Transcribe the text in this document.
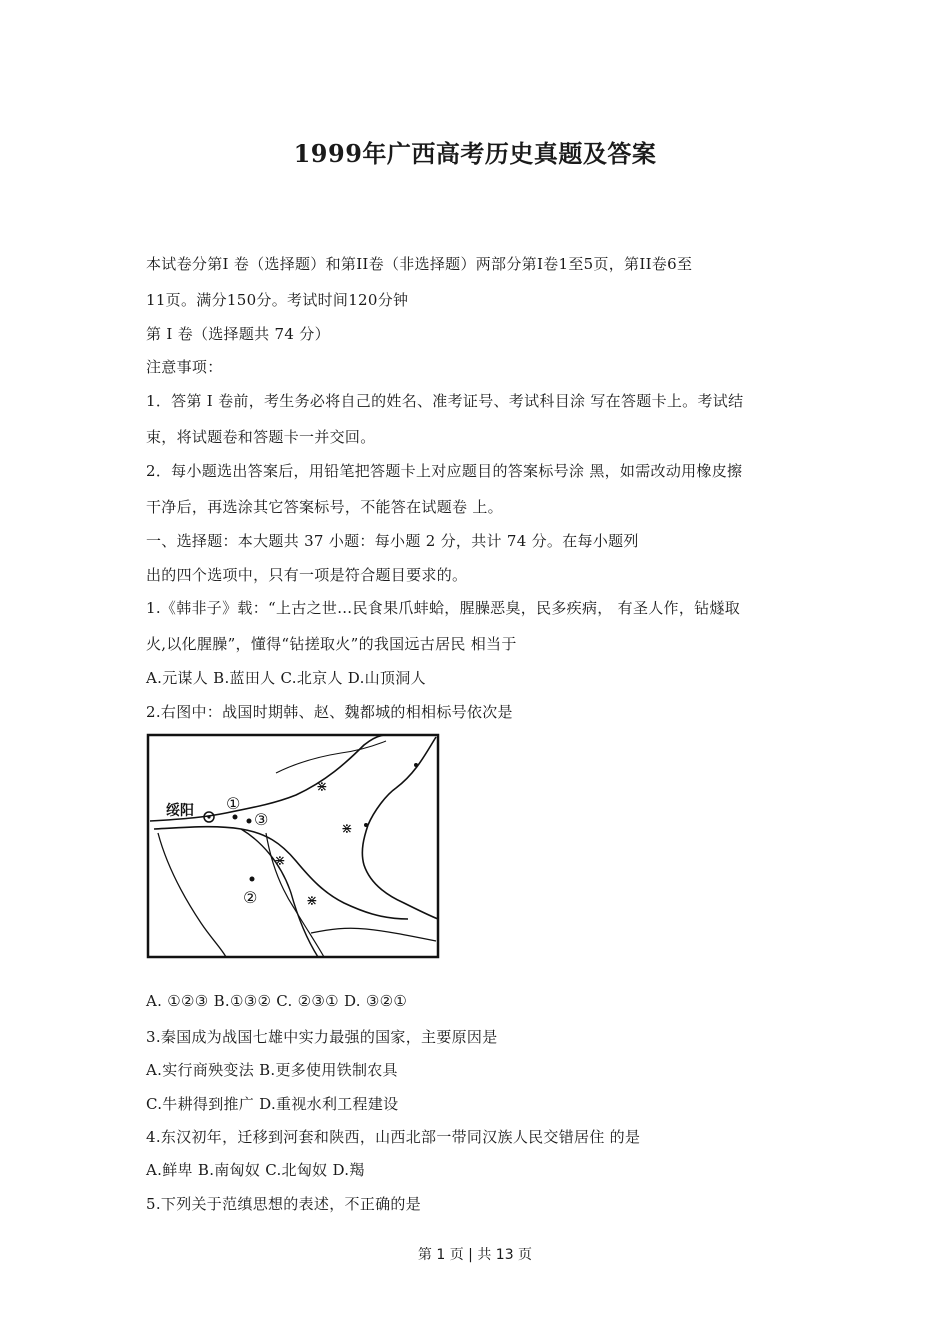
1999年广西高考历史真题及答案
本试卷分第Ⅰ 卷（选择题）和第II卷（非选择题）两部分第Ⅰ卷1至5页，第II卷6至
11页。满分150分。考试时间120分钟
第 Ⅰ 卷（选择题共 74 分）
注意事项：
1．答第 Ⅰ 卷前，考生务必将自己的姓名、准考证号、考试科目涂 写在答题卡上。考试结
束，将试题卷和答题卡一并交回。
2．每小题选出答案后，用铅笔把答题卡上对应题目的答案标号涂 黑，如需改动用橡皮擦
干净后，再选涂其它答案标号，不能答在试题卷 上。
一、选择题：本大题共 37 小题：每小题 2 分，共计 74 分。在每小题列
出的四个选项中，只有一项是符合题目要求的。
1.《韩非子》载：“上古之世…民食果爪蚌蛤，腥臊恶臭，民多疾病， 有圣人作，钻燧取
火,以化腥臊”，懂得“钻搓取火”的我国远古居民 相当于
A.元谋人 B.蓝田人 C.北京人 D.山顶洞人
2.右图中：战国时期韩、赵、魏都城的相相标号依次是
⋇
⋇
⋇
⋇
绥阳 ①
③
②
A. ①②③ B.①③② C. ②③① D. ③②①
3.秦国成为战国七雄中实力最强的国家，主要原因是
A.实行商殃变法 B.更多使用铁制农具
C.牛耕得到推广 D.重视水利工程建设
4.东汉初年，迁移到河套和陕西，山西北部一带同汉族人民交错居住 的是
A.鲜卑 B.南匈奴 C.北匈奴 D.羯
5.下列关于范缜思想的表述，不正确的是
第 1 页 | 共 13 页
